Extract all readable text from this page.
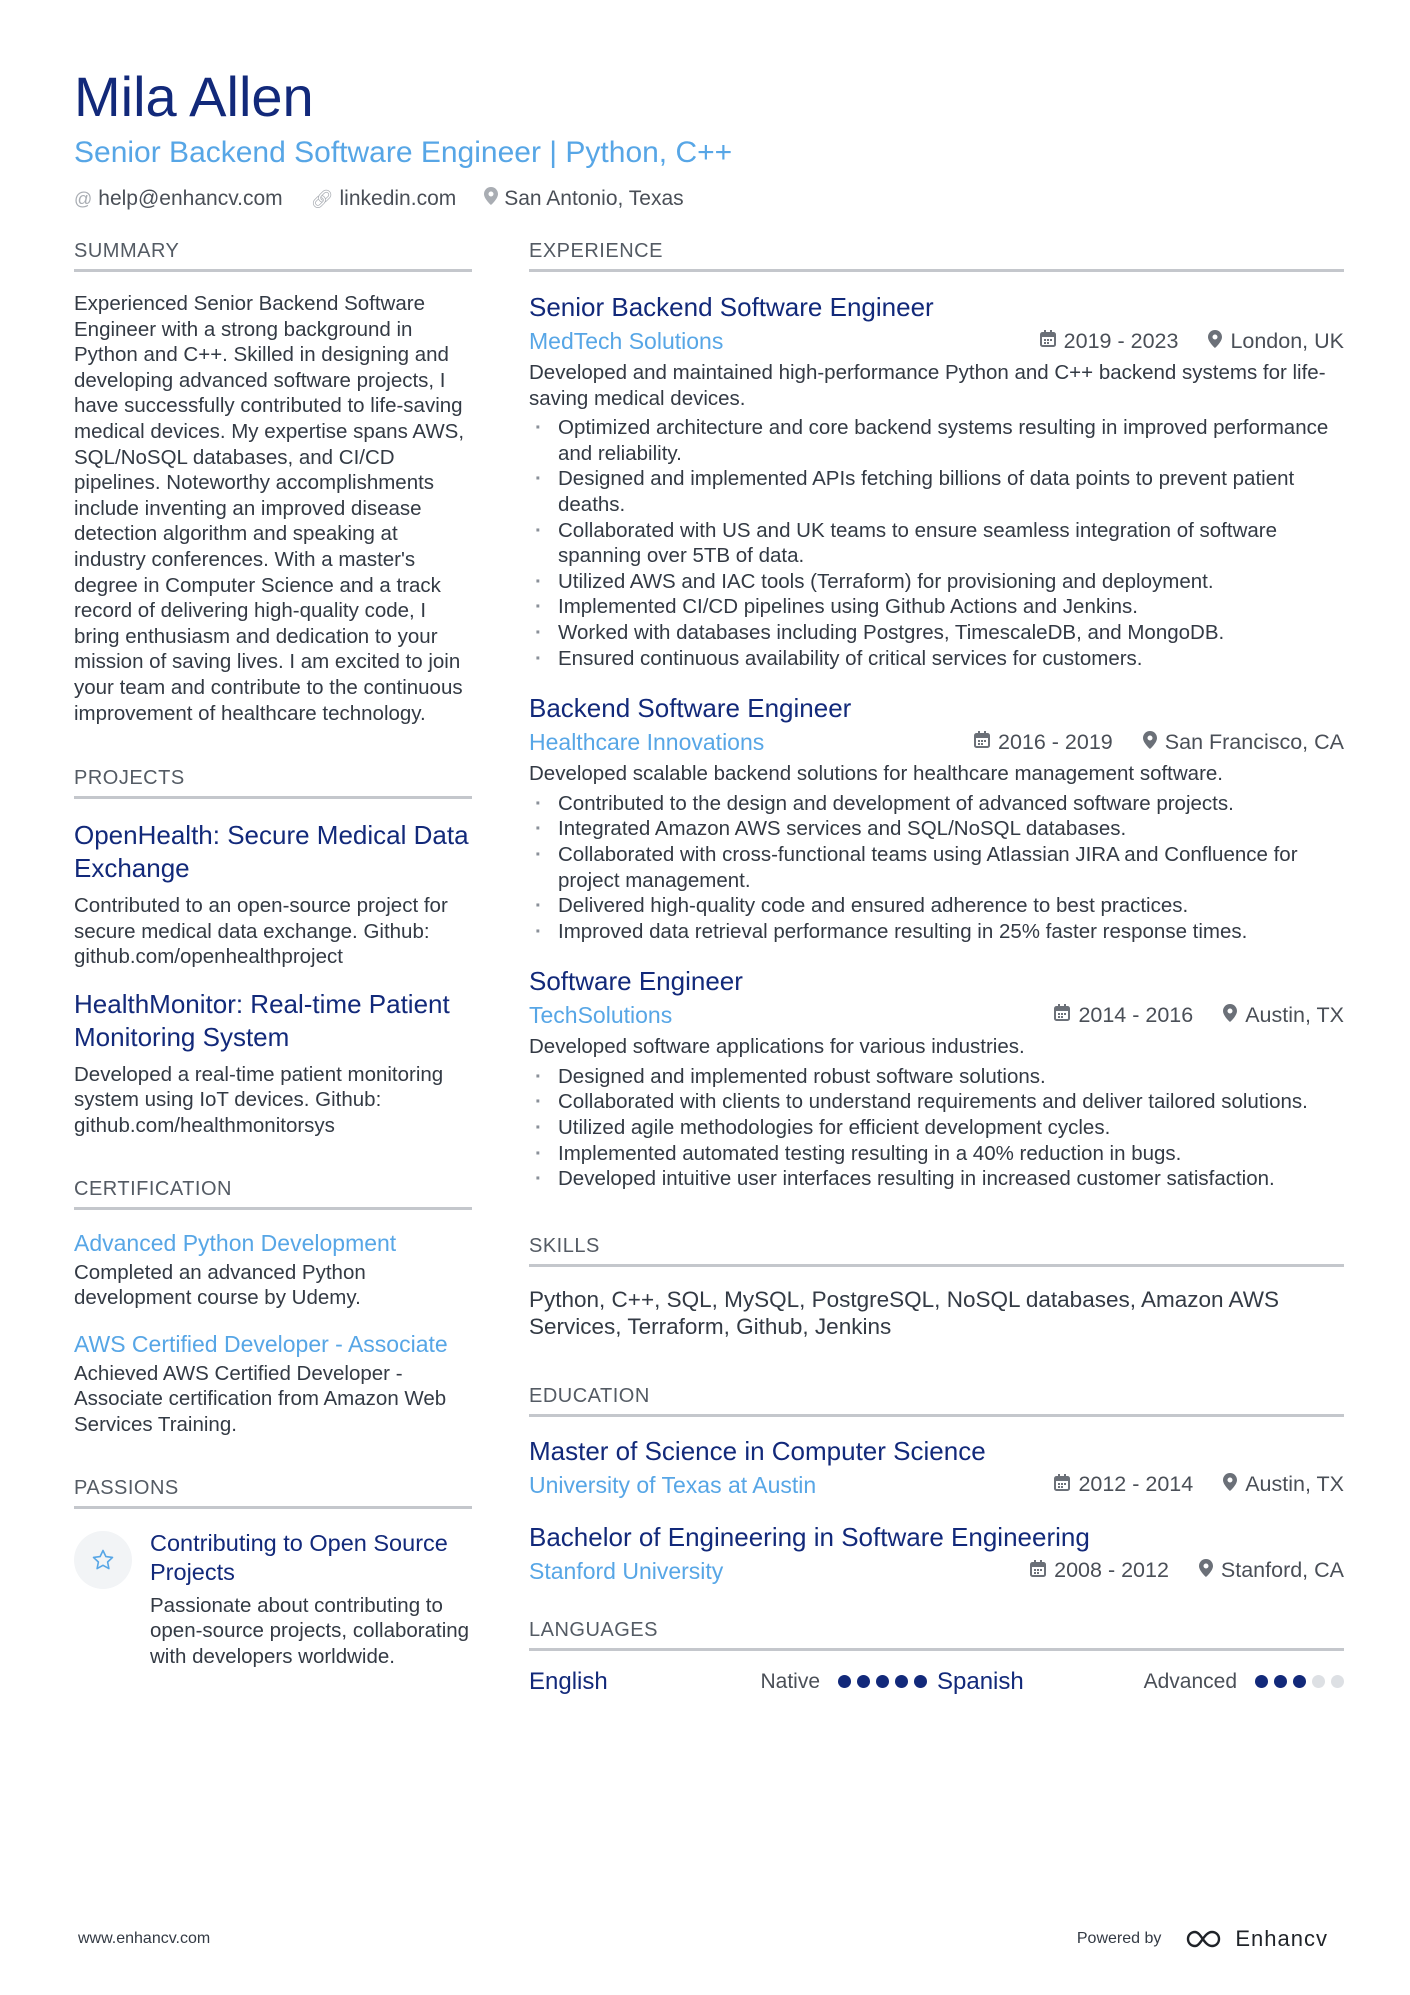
Mila Allen
Senior Backend Software Engineer | Python, C++
@ help@enhancv.com 🔗︎ linkedin.com San Antonio, Texas
SUMMARY
Experienced Senior Backend Software Engineer with a strong background in Python and C++. Skilled in designing and developing advanced software projects, I have successfully contributed to life-saving medical devices. My expertise spans AWS, SQL/NoSQL databases, and CI/CD pipelines. Noteworthy accomplishments include inventing an improved disease detection algorithm and speaking at industry conferences. With a master's degree in Computer Science and a track record of delivering high-quality code, I bring enthusiasm and dedication to your mission of saving lives. I am excited to join your team and contribute to the continuous improvement of healthcare technology.
PROJECTS
OpenHealth: Secure Medical Data Exchange
Contributed to an open-source project for secure medical data exchange. Github: github.com/openhealthproject
HealthMonitor: Real-time Patient Monitoring System
Developed a real-time patient monitoring system using IoT devices. Github: github.com/healthmonitorsys
CERTIFICATION
Advanced Python Development
Completed an advanced Python development course by Udemy.
AWS Certified Developer - Associate
Achieved AWS Certified Developer - Associate certification from Amazon Web Services Training.
PASSIONS
Contributing to Open Source Projects
Passionate about contributing to open-source projects, collaborating with developers worldwide.
EXPERIENCE
Senior Backend Software Engineer
MedTech Solutions	2019 - 2023 London, UK
Developed and maintained high-performance Python and C++ backend systems for life-saving medical devices.
· Optimized architecture and core backend systems resulting in improved performance and reliability.
· Designed and implemented APIs fetching billions of data points to prevent patient deaths.
· Collaborated with US and UK teams to ensure seamless integration of software spanning over 5TB of data.
· Utilized AWS and IAC tools (Terraform) for provisioning and deployment.
· Implemented CI/CD pipelines using Github Actions and Jenkins.
· Worked with databases including Postgres, TimescaleDB, and MongoDB.
· Ensured continuous availability of critical services for customers.
Backend Software Engineer
Healthcare Innovations	2016 - 2019 San Francisco, CA
Developed scalable backend solutions for healthcare management software.
· Contributed to the design and development of advanced software projects.
· Integrated Amazon AWS services and SQL/NoSQL databases.
· Collaborated with cross-functional teams using Atlassian JIRA and Confluence for project management.
· Delivered high-quality code and ensured adherence to best practices.
· Improved data retrieval performance resulting in 25% faster response times.
Software Engineer
TechSolutions	2014 - 2016 Austin, TX
Developed software applications for various industries.
· Designed and implemented robust software solutions.
· Collaborated with clients to understand requirements and deliver tailored solutions.
· Utilized agile methodologies for efficient development cycles.
· Implemented automated testing resulting in a 40% reduction in bugs.
· Developed intuitive user interfaces resulting in increased customer satisfaction.
SKILLS
Python, C++, SQL, MySQL, PostgreSQL, NoSQL databases, Amazon AWS Services, Terraform, Github, Jenkins
EDUCATION
Master of Science in Computer Science
University of Texas at Austin	2012 - 2014 Austin, TX
Bachelor of Engineering in Software Engineering
Stanford University	2008 - 2012 Stanford, CA
LANGUAGES
English	Native	Spanish	Advanced
www.enhancv.com	Powered by	Enhancv
